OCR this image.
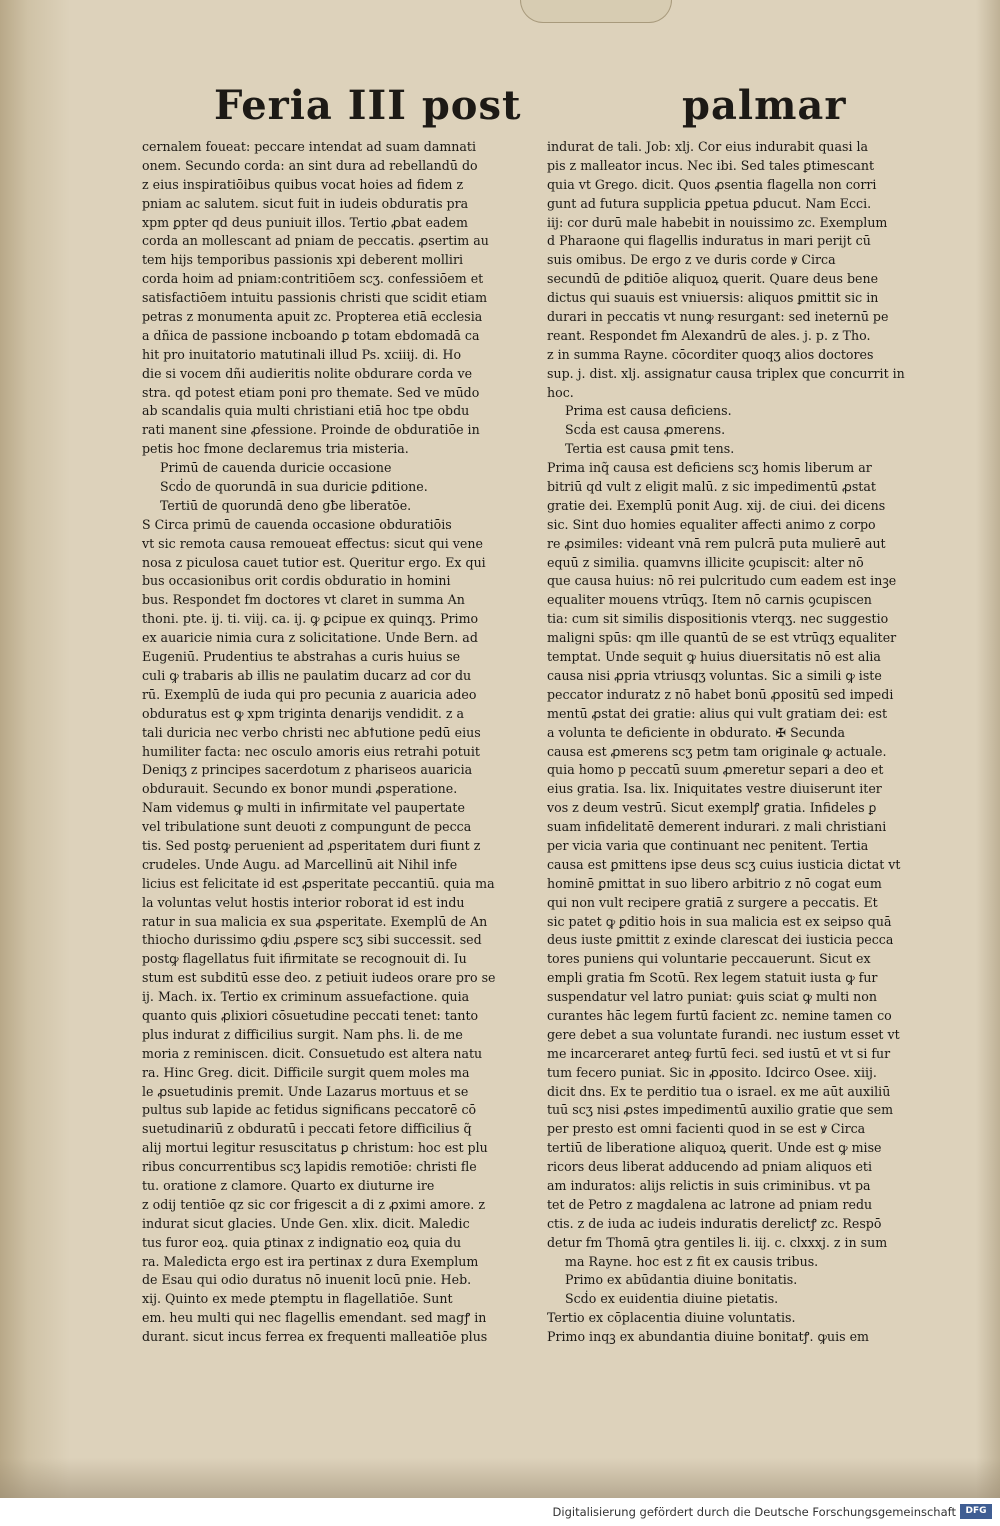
Feria III post	palmar
cernalem foueat: peccare intendat ad suam damnati
onem. Secundo corda: an sint dura ad rebellandū do
z eius inspiratiōibus quibus vocat hoies ad fidem z
pniam ac salutem. sicut fuit in iudeis obduratis pra
xpm ꝑpter qd deus puniuit illos. Tertio ꝓbat eadem
corda an mollescant ad pniam de peccatis. ꝓsertim au
tem hijs temporibus passionis xpi deberent molliri
corda hoim ad pniam:contritiōem scʒ. confessiōem et
satisfactiōem intuitu passionis christi que scidit etiam
petras z monumenta apuit zc. Propterea etiā ecclesia
a dñica de passione incboando ꝑ totam ebdomadā ca
hit pro inuitatorio matutinali illud Ps. xciiij. di. Ho
die si vocem dñi audieritis nolite obdurare corda ve
stra. qd potest etiam poni pro themate. Sed ve mūdo
ab scandalis quia multi christiani etiā hoc tpe obdu
rati manent sine ꝓfessione. Proinde de obduratiōe in
petis hoc fmone declaremus tria misteria.
Primū de cauenda duricie occasione
Scḋo de quorundā in sua duricie ꝑditione.
Tertiū de quorundā deno gƀe liberatōe.
S Circa primū de cauenda occasione obduratiōis
vt sic remota causa remoueat effectus: sicut qui vene
nosa z piculosa cauet tutior est. Queritur ergo. Ex qui
bus occasionibus orit cordis obduratio in homini
bus. Respondet fm doctores vt claret in summa An
thoni. pte. ij. ti. viij. ca. ij. ꝙ ꝑcipue ex quinqʒ. Primo
ex auaricie nimia cura z solicitatione. Unde Bern. ad
Eugeniū. Prudentius te abstrahas a curis huius se
culi ꝙ trabaris ab illis ne paulatim ducarz ad cor du
rū. Exemplū de iuda qui pro pecunia z auaricia adeo
obduratus est ꝙ xpm triginta denarijs vendidit. z a
tali duricia nec verbo christi nec abꝉutione pedū eius
humiliter facta: nec osculo amoris eius retrahi potuit
Deniqʒ z principes sacerdotum z phariseos auaricia
obdurauit. Secundo ex bonor mundi ꝓsperatione.
Nam videmus ꝙ multi in infirmitate vel paupertate
vel tribulatione sunt deuoti z compungunt de pecca
tis. Sed postꝙ peruenient ad ꝓsperitatem duri fiunt z
crudeles. Unde Augu. ad Marcellinū ait Nihil infe
licius est felicitate id est ꝓsperitate peccantiū. quia ma
la voluntas velut hostis interior roborat id est indu
ratur in sua malicia ex sua ꝓsperitate. Exemplū de An
thiocho durissimo ꝙdiu ꝓspere scʒ sibi successit. sed
postꝙ flagellatus fuit ifirmitate se recognouit di. Iu
stum est subditū esse deo. z petiuit iudeos orare pro se
ij. Mach. ix. Tertio ex criminum assuefactione. quia
quanto quis ꝓlixiori cōsuetudine peccati tenet: tanto
plus indurat z difficilius surgit. Nam phs. li. de me
moria z reminiscen. dicit. Consuetudo est altera natu
ra. Hinc Greg. dicit. Difficile surgit quem moles ma
le ꝓsuetudinis premit. Unde Lazarus mortuus et se
pultus sub lapide ac fetidus significans peccatorē cō
suetudinariū z obduratū i peccati fetore difficilius q̃
alij mortui legitur resuscitatus ꝑ christum: hoc est plu
ribus concurrentibus scʒ lapidis remotiōe: christi fle
tu. oratione z clamore. Quarto ex diuturne ire
z odij tentiōe qz sic cor frigescit a di z ꝓximi amore. z
indurat sicut glacies. Unde Gen. xlix. dicit. Maledic
tus furor eoꝝ. quia ꝑtinax z indignatio eoꝝ quia du
ra. Maledicta ergo est ira pertinax z dura Exemplum
de Esau qui odio duratus nō inuenit locū pnie. Heb.
xij. Quinto ex mede ꝑtemptu in flagellatiōe. Sunt
em. heu multi qui nec flagellis emendant. sed magꝭ in
durant. sicut incus ferrea ex frequenti malleatiōe plus
indurat de tali. Job: xlj. Cor eius indurabit quasi la
pis z malleator incus. Nec ibi. Sed tales ꝑtimescant
quia vt Grego. dicit. Quos ꝓsentia flagella non corri
gunt ad futura supplicia ꝑpetua ꝑducut. Nam Ecci.
iij: cor durū male habebit in nouissimo zc. Exemplum
d Pharaone qui flagellis induratus in mari perijt cū
suis omibus. De ergo z ve duris corde ꝟ Circa
secundū de ꝑditiōe aliquoꝝ querit. Quare deus bene
dictus qui suauis est vniuersis: aliquos ꝑmittit sic in
durari in peccatis vt nunꝙ resurgant: sed ineternū pe
reant. Respondet fm Alexandrū de ales. j. p. z Tho.
z in summa Rayne. cōcorditer quoqʒ alios doctores
sup. j. dist. xlj. assignatur causa triplex que concurrit in
hoc.
Prima est causa deficiens.
Scḋa est causa ꝓmerens.
Tertia est causa ꝑmit tens.
Prima inq̃ causa est deficiens scʒ homis liberum ar
bitriū qd vult z eligit malū. z sic impedimentū ꝓstat
gratie dei. Exemplū ponit Aug. xij. de ciui. dei dicens
sic. Sint duo homies equaliter affecti animo z corpo
re ꝓsimiles: videant vnā rem pulcrā puta mulierē aut
equū z similia. quamvns illicite ꝯcupiscit: alter nō
que causa huius: nō rei pulcritudo cum eadem est inꝫe
equaliter mouens vtrūqʒ. Item nō carnis ꝯcupiscen
tia: cum sit similis dispositionis vterqʒ. nec suggestio
maligni spūs: qm ille quantū de se est vtrūqʒ equaliter
temptat. Unde sequit ꝙ huius diuersitatis nō est alia
causa nisi ꝓpria vtriusqʒ voluntas. Sic a simili ꝙ iste
peccator induratz z nō habet bonū ꝓpositū sed impedi
mentū ꝓstat dei gratie: alius qui vult gratiam dei: est
a volunta te deficiente in obdurato. ✠ Secunda
causa est ꝓmerens scʒ petm tam originale ꝙ actuale.
quia homo p peccatū suum ꝓmeretur separi a deo et
eius gratia. Isa. lix. Iniquitates vestre diuiserunt iter
vos z deum vestrū. Sicut exemplꝭ gratia. Infideles ꝑ
suam infidelitatē demerent indurari. z mali christiani
per vicia varia que continuant nec penitent. Tertia
causa est ꝑmittens ipse deus scʒ cuius iusticia dictat vt
hominē ꝑmittat in suo libero arbitrio z nō cogat eum
qui non vult recipere gratiā z surgere a peccatis. Et
sic patet ꝙ ꝑditio hois in sua malicia est ex seipso quā
deus iuste ꝑmittit z exinde clarescat dei iusticia pecca
tores puniens qui voluntarie peccauerunt. Sicut ex
empli gratia fm Scotū. Rex legem statuit iusta ꝙ fur
suspendatur vel latro puniat: ꝙuis sciat ꝙ multi non
curantes hāc legem furtū facient zc. nemine tamen co
gere debet a sua voluntate furandi. nec iustum esset vt
me incarceraret anteꝙ furtū feci. sed iustū et vt si fur
tum fecero puniat. Sic in ꝓposito. Idcirco Osee. xiij.
dicit dns. Ex te perditio tua o israel. ex me aūt auxiliū
tuū scʒ nisi ꝓstes impedimentū auxilio gratie que sem
per presto est omni facienti quod in se est ꝟ Circa
tertiū de liberatione aliquoꝝ querit. Unde est ꝙ mise
ricors deus liberat adducendo ad pniam aliquos eti
am induratos: alijs relictis in suis criminibus. vt pa
tet de Petro z magdalena ac latrone ad pniam redu
ctis. z de iuda ac iudeis induratis derelictꝭ zc. Respō
detur fm Thomā ꝯtra gentiles li. iij. c. clxxxj. z in sum
ma Rayne. hoc est z fit ex causis tribus.
Primo ex abūdantia diuine bonitatis.
Scḋo ex euidentia diuine pietatis.
Tertio ex cōplacentia diuine voluntatis.
Primo inqꝫ ex abundantia diuine bonitatꝭ. ꝙuis em
Digitalisierung gefördert durch die Deutsche Forschungsgemeinschaft	DFG
